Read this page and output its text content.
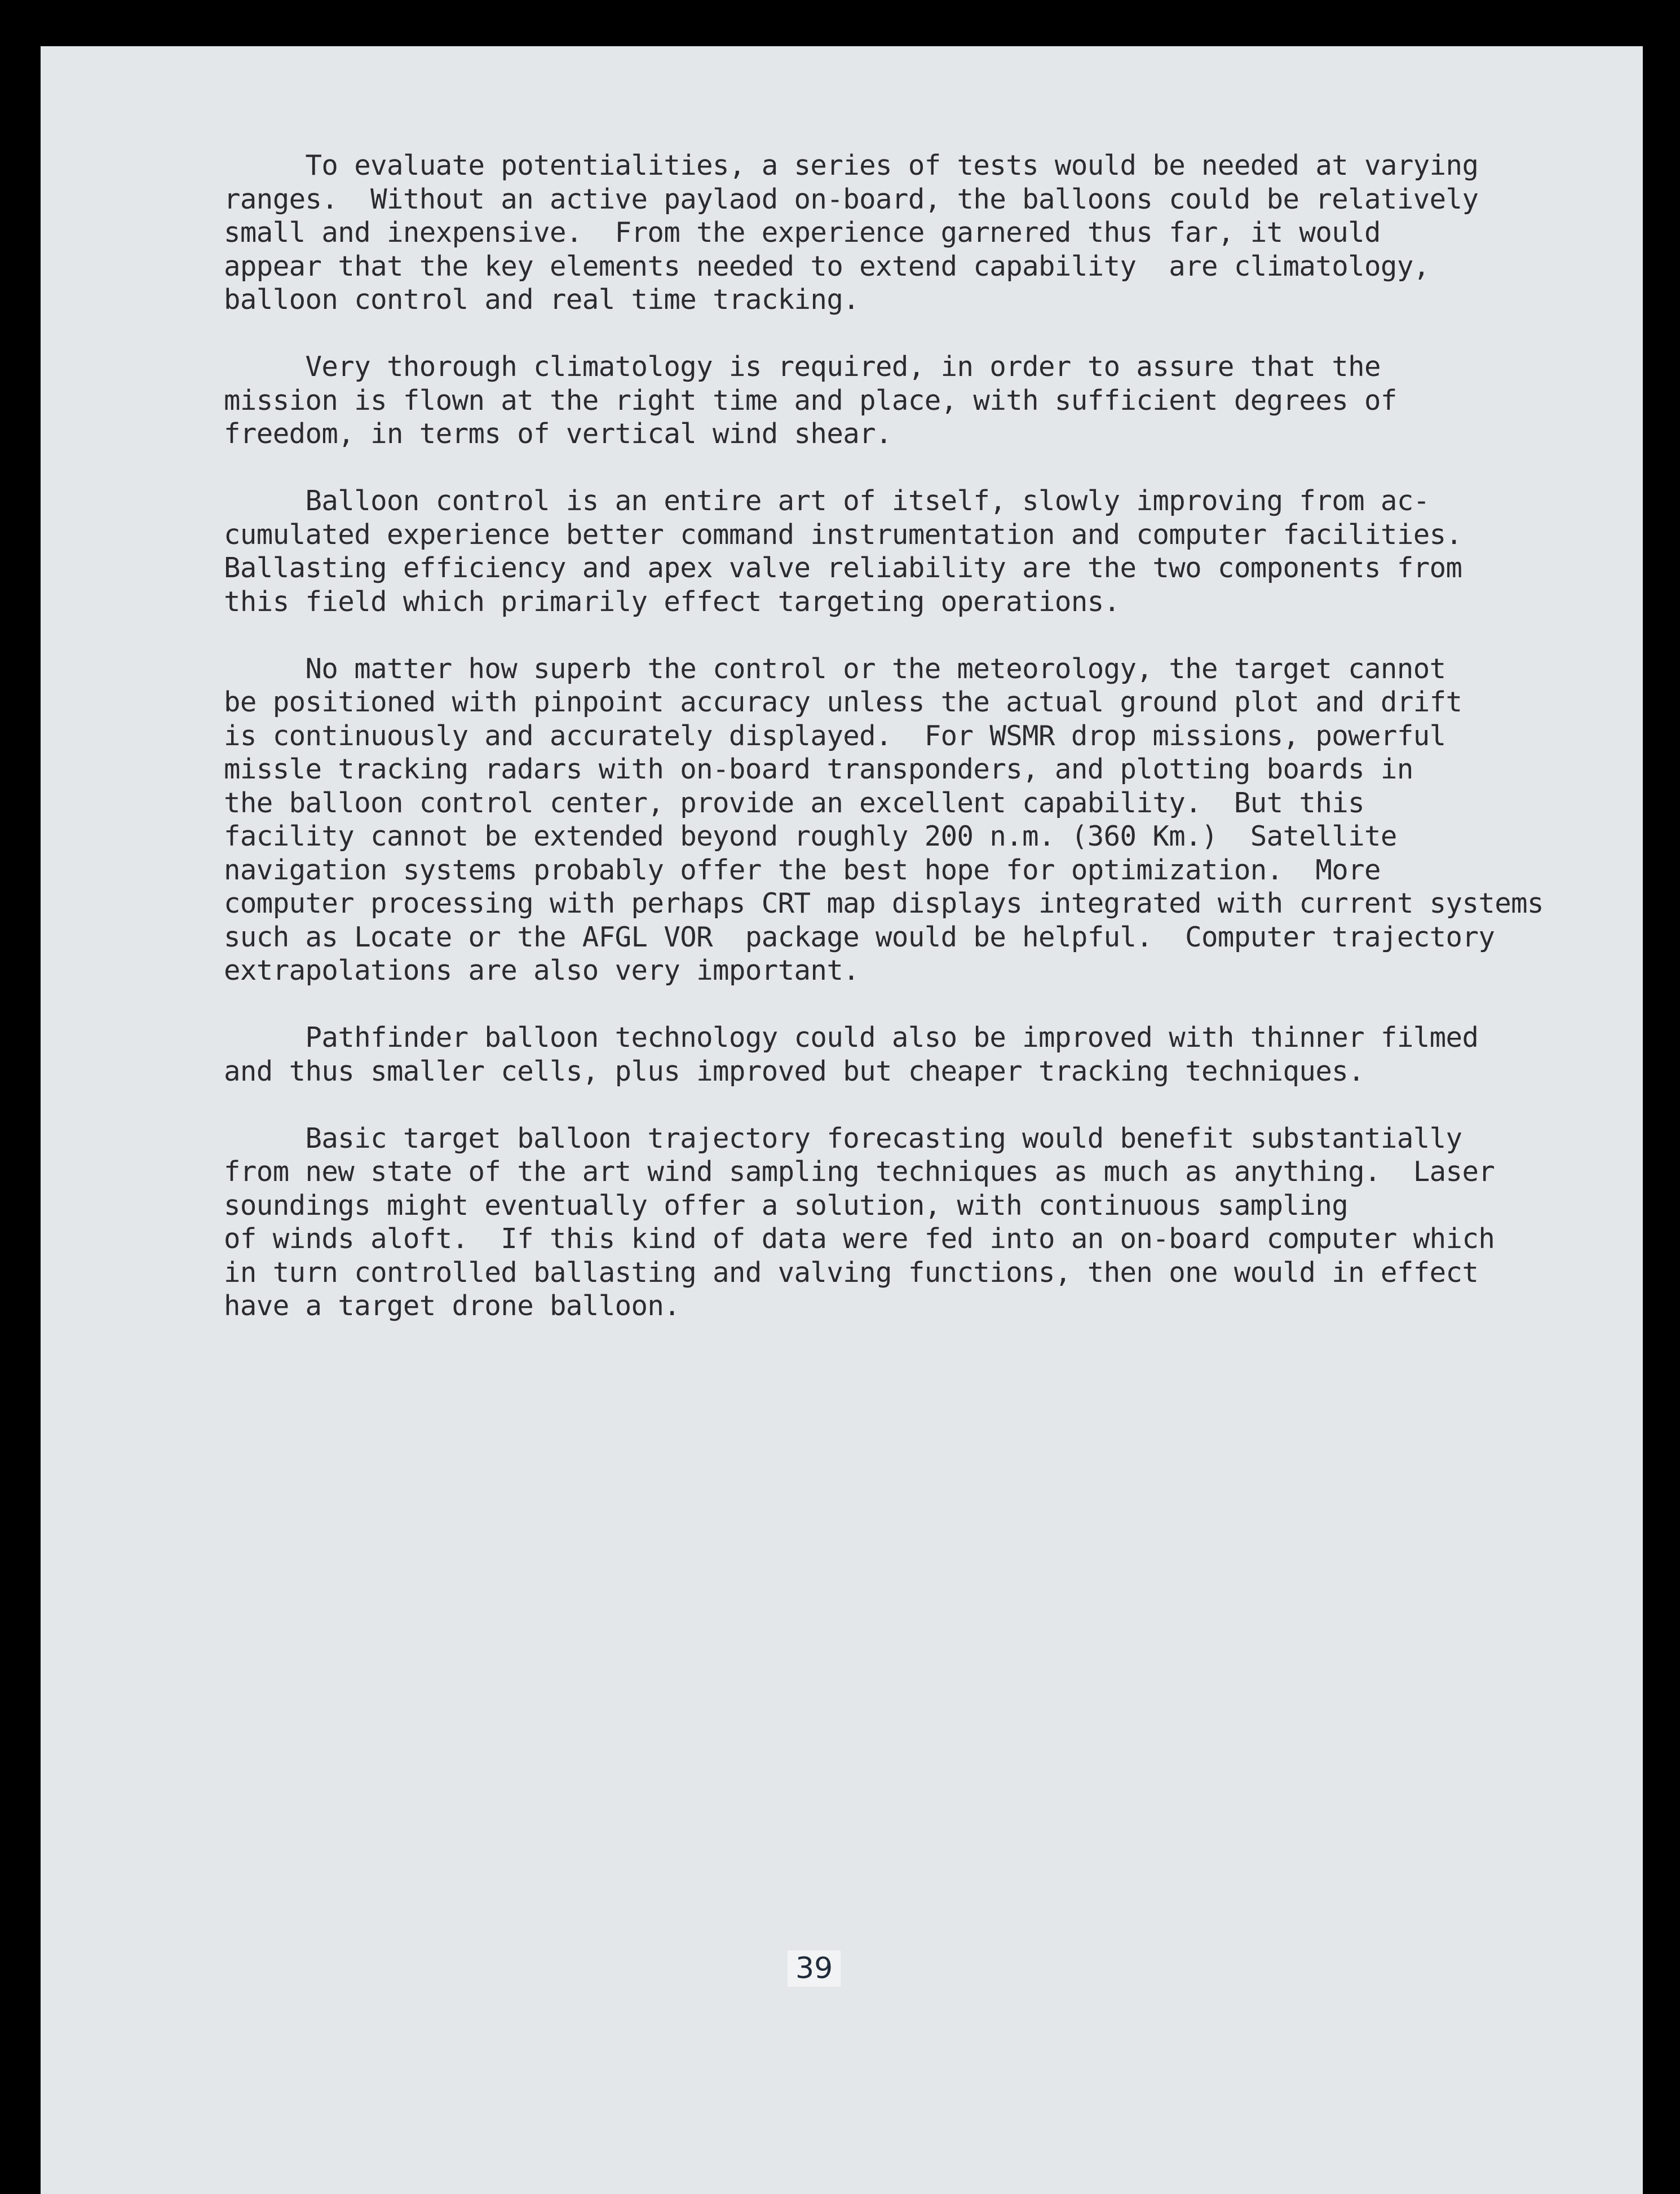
To evaluate potentialities, a series of tests would be needed at varying
ranges.  Without an active paylaod on-board, the balloons could be relatively
small and inexpensive.  From the experience garnered thus far, it would
appear that the key elements needed to extend capability  are climatology,
balloon control and real time tracking.

Very thorough climatology is required, in order to assure that the
mission is flown at the right time and place, with sufficient degrees of
freedom, in terms of vertical wind shear.

Balloon control is an entire art of itself, slowly improving from ac-
cumulated experience better command instrumentation and computer facilities.
Ballasting efficiency and apex valve reliability are the two components from
this field which primarily effect targeting operations.

No matter how superb the control or the meteorology, the target cannot
be positioned with pinpoint accuracy unless the actual ground plot and drift
is continuously and accurately displayed.  For WSMR drop missions, powerful
missle tracking radars with on-board transponders, and plotting boards in
the balloon control center, provide an excellent capability.  But this
facility cannot be extended beyond roughly 200 n.m. (360 Km.)  Satellite
navigation systems probably offer the best hope for optimization.  More
computer processing with perhaps CRT map displays integrated with current systems
such as Locate or the AFGL VOR  package would be helpful.  Computer trajectory
extrapolations are also very important.

Pathfinder balloon technology could also be improved with thinner filmed
and thus smaller cells, plus improved but cheaper tracking techniques.

Basic target balloon trajectory forecasting would benefit substantially
from new state of the art wind sampling techniques as much as anything.  Laser
soundings might eventually offer a solution, with continuous sampling
of winds aloft.  If this kind of data were fed into an on-board computer which
in turn controlled ballasting and valving functions, then one would in effect
have a target drone balloon.

39
